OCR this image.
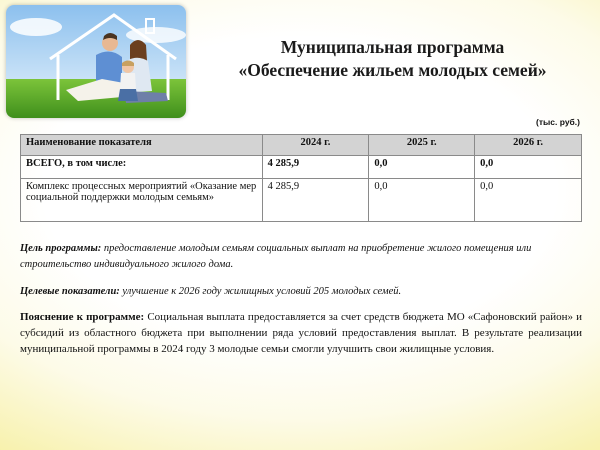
Муниципальная программа
«Обеспечение жильем молодых семей»
(тыс. руб.)
Наименование показателя	2024 г.	2025 г.	2026 г.
ВСЕГО, в том числе:	4 285,9	0,0	0,0
Комплекс процессных мероприятий «Оказание мер социальной поддержки молодым семьям»	4 285,9	0,0	0,0
Цель программы: предоставление молодым семьям социальных выплат на приобретение жилого помещения или строительство индивидуального жилого дома.
Целевые показатели: улучшение к 2026 году жилищных условий 205 молодых семей.
Пояснение к программе: Социальная выплата предоставляется за счет средств бюджета МО «Сафоновский район» и субсидий из областного бюджета при выполнении ряда условий предоставления выплат. В результате реализации муниципальной программы в 2024 году 3 молодые семьи смогли улучшить свои жилищные условия.
